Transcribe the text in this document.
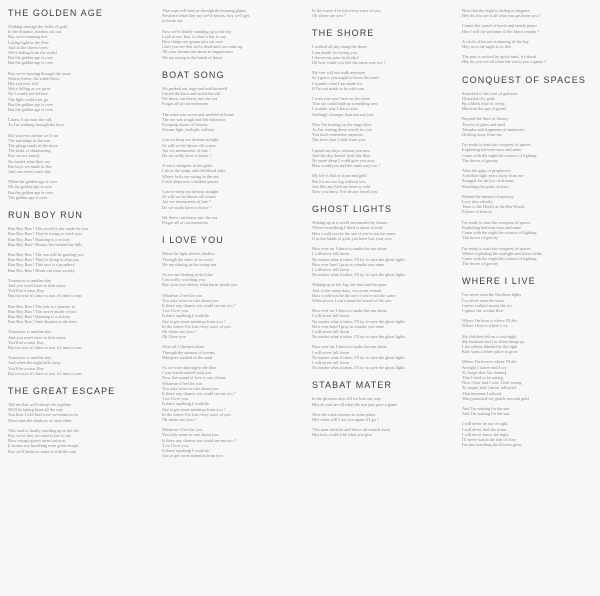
THE GOLDEN AGE
Walking through the fields of gold
In the distance, borders cut out
Boy we're running free
Laying light in the flow
And in the cherry trees
We're hiding from the world
But the golden age is over
But the golden age is over
Boy we're dancing through the snow
Waters freeze, the wind blows
Did you ever feel
We're falling as we grow
No I would not believe
The light could ever go
But the golden age is over
But the golden age is over
Listen, I can hear the call
As I'm walking through the door
Did you ever dream we'd run
The mornings in the sun
The playgrounds at the shore
The skies of shimmering
Boy we are family
No matter what they say
But boys we made to flee
And can never come this
When the golden age is over
Oh the golden age is over
But the golden age is over
The golden age is over
RUN BOY RUN
Run Boy Run ! This world is not made for you
Run Boy Run ! They're trying to catch you
Run Boy Run ! Running is a victory
Run Boy Run ! Beauty lies behind the hills
Run Boy Run ! The sun will be guiding you
Run Boy Run ! They're dying to stop you
Run Boy Run ! This race is a prophecy
Run Boy Run ! Break out from society
Tomorrow is another day
And you won't have to hide away
You'll be a man, Boy
But for now it's time to run, it's time to run
Run Boy Run ! The ride is a journey to
Run Boy Run ! The secret inside of you
Run Boy Run ! Running is a victory
Run Boy Run ! And disquiet in the trees
Tomorrow is another day
And you won't have to hide away
You'll be a man, Boy
But for now it's time to run, it's time to run
Tomorrow is another day
And when the night falls away
You'll be a man, Boy
But for now it's time to run, it's time to run
THE GREAT ESCAPE
Tell me that we'll always be together
We'll be taking heart all the way
You hear I will find were we meant to be
More than the shadows of each other
This road is finally standing up to the sky
Boy we're free, no what is fair to say
How mirage grows turns out now
It storms my breathing even great escape
Boy we'd better to make it with the rain
That rope will lead us through the burning plains
Nowhere what they say we're heroes, boy we'll get
to break out
Now we're finally standing up to the sky
Look at me, boy, is what it fair to say
How things are gonna turn out now
Can't you see that we're dead until we wake up
All your dreams are about to happen now
We are racing to the break of dawn
BOAT SONG
We packed our bags and said farewell
Untied the knot and tasted the salt
We threw our hearts into the sea
Forgot all of our memories
The wind was sweet and smelled of home
The sea was rough and left unknown
Escaping shores of history
Oceans light, twilight, solitary
Can we keep our dreams straight
Or will we be blown off course
Are we instruments of fate ?
Do we really have a choice ?
A voice whispers in the gales
Life in the songs and childhood tales
Where fools are racing in the sea
Crack ships into a million pieces
Can we keep our dreams straight
Or will we be blown off course
Are we instruments of fate ?
Do we really have a choice ?
We threw our hearts into the sea
Forgot all of our memories
I LOVE YOU
When the light shivers shallow
Through the skies of no cover
We are shining in the rising sun
As we are floating in the blue
I am softly watching you
Boy your eyes betray what burns inside you
Whatever I feel for you
You only seem to care about you
Is there any chance you could see me too ?
'Cos I love you
Is there anything I could do
Just to get some attention from you ?
In the waves I've lost every trace of you
Oh where are you ?
Oh I love you
After all I climbed alone
Through the streams of oceans
Whispers washed in the sand
As we were dancing in the blue
I was synchronized with you
Now, the sound of love is out of tune
Whatever I feel for you
You only seem to care about you
Is there any chance you could see me too ?
'Cos I love you
Is there anything I could do
Just to get some attention from you ?
In the waves I've lost every trace of you
Oh where are you ?
Whatever I feel for you
You only seem to care about you
Is there any chance you could see me too ?
'Cos I love you
Is there anything I could do
Just to get some attention from you
In the waves I've lost every trace of you
Oh where are you ?
THE SHORE
I walked all day along the shore
I ran inside for loving you
I drown my pain in alcohol
Oh how could you feel the same way too ?
My feet will not walk anymore
So I guess you ought to know the truth
I wonder what I am made for
If I'm not made to be with you
I wish you were here on the shore
That we could hold up something new
I wonder why I am so sure
Nothing's stronger than me and you
Now I'm leaning on the stage door
As I'm writing these words for you
You don't remember anymore
The loves that I stole from you
I spend my days without you now
And the dry doesn't look like blue
No more sleep I could give you now
How could you feel the same way too ?
My life is full of stone and gold
But it's not too big without you
Just like any bird my heart is cold
Now you know I've always loved you
GHOST LIGHTS
Waking up in a world surrounded by flames
Where everything I liked is about to fade
How could you be the one if you're not the same
If in the hands of gods you have lost your way
How ever far I dance to make the sun shine
I will never fall down
No matter what it takes, I'll try to save the ghost lights
How ever hard I pray to remake you mine
I will never fall down
No matter what it takes, I'll try to save the ghost lights
Waking up to the fog, the dust and the gaze
And of the many days, we swam remain
How could you be the one if you're not the same
Without you I can't stand the sound of the rain
How ever far I dance to make the sun shine
I will never fall down
No matter what it takes, I'll try to save the ghost lights
How ever hard I pray to remake you mine
I will never fall down
No matter what it takes, I'll try to save the ghost lights
How ever far I dance to make the sun shine
I will never fall down
No matter what it takes, I'll try to save the ghost lights
I will never fall down
No matter what it takes, I'll try to save the ghost lights
STABAT MATER
In the glorious days till we lose our way
Hey do you see all what the war just gave a game
Now the wind restores to other plans
Hey when will I see you again if I go ?
This man whistles and blows all sounds away
Hey how could it be what you give
Now that the night is fading in disgrace
Hey do you see it all what you get from you ?
Comes the sound of boots and steady piano
Hey I will the perfume of the dance returns ?
A circle of heroes is dancing in the hay
Hey, now the night is so free
The past is sucked by quick sand, it's about
Hey do you see all when the war is just a game ?
CONQUEST OF SPACES
Stretched to the core of galaxies
Distorted city gods
By a black hole of cavity
Blossom the age of greed
Beyond the lines of history
Towers of glass and steel
Temples and fragments of memories
Drifting away from me
I'm ready to start the conquest of spaces
Exploding between stars and mine
Come with the night the science of fighting
The forces of gravity
After the gaps of prophecies
A million light years away from me
Struggle for the joy of dreams
Reaching the point of tears
Behind the dreams of mastery
Love dies silently
Tears to the Hotels at the Bar Woods
Echoes of history
I'm ready to start the conquest of spaces
Exploding between stars and mine
Come with the night the science of fighting
The forces of gravity
I'm ready to start the conquest of spaces
Where exploding the starlight and silver fields
Come with the night the science of fighting
The forces of gravity
WHERE I LIVE
I've never seen the Northern lights
I've never seen the snow
I never walked across the ice
I ignore the oceans flow
Where I'm born is where I'll die
Where I live is where I cry
My children felt on a cold night
My husband and I in those things go
Like rabbits blinded by the light
Kids want a better place to grow
Where I'm born is where I'll die
At night I shiver and I cry
To forget that I'm chained
That I tried to be strong
Now I fear that I was, I feel wrong
To forget, that I never followed
That innocent I adored
Who promised my gentle sun and gold
And I'm waiting for the sun
And I'm waiting for the sun
I will never be out of sight
I will never feel the storm
I will never know the night
I'll never watch the tide of flow
I'm just watching the flowers grow
